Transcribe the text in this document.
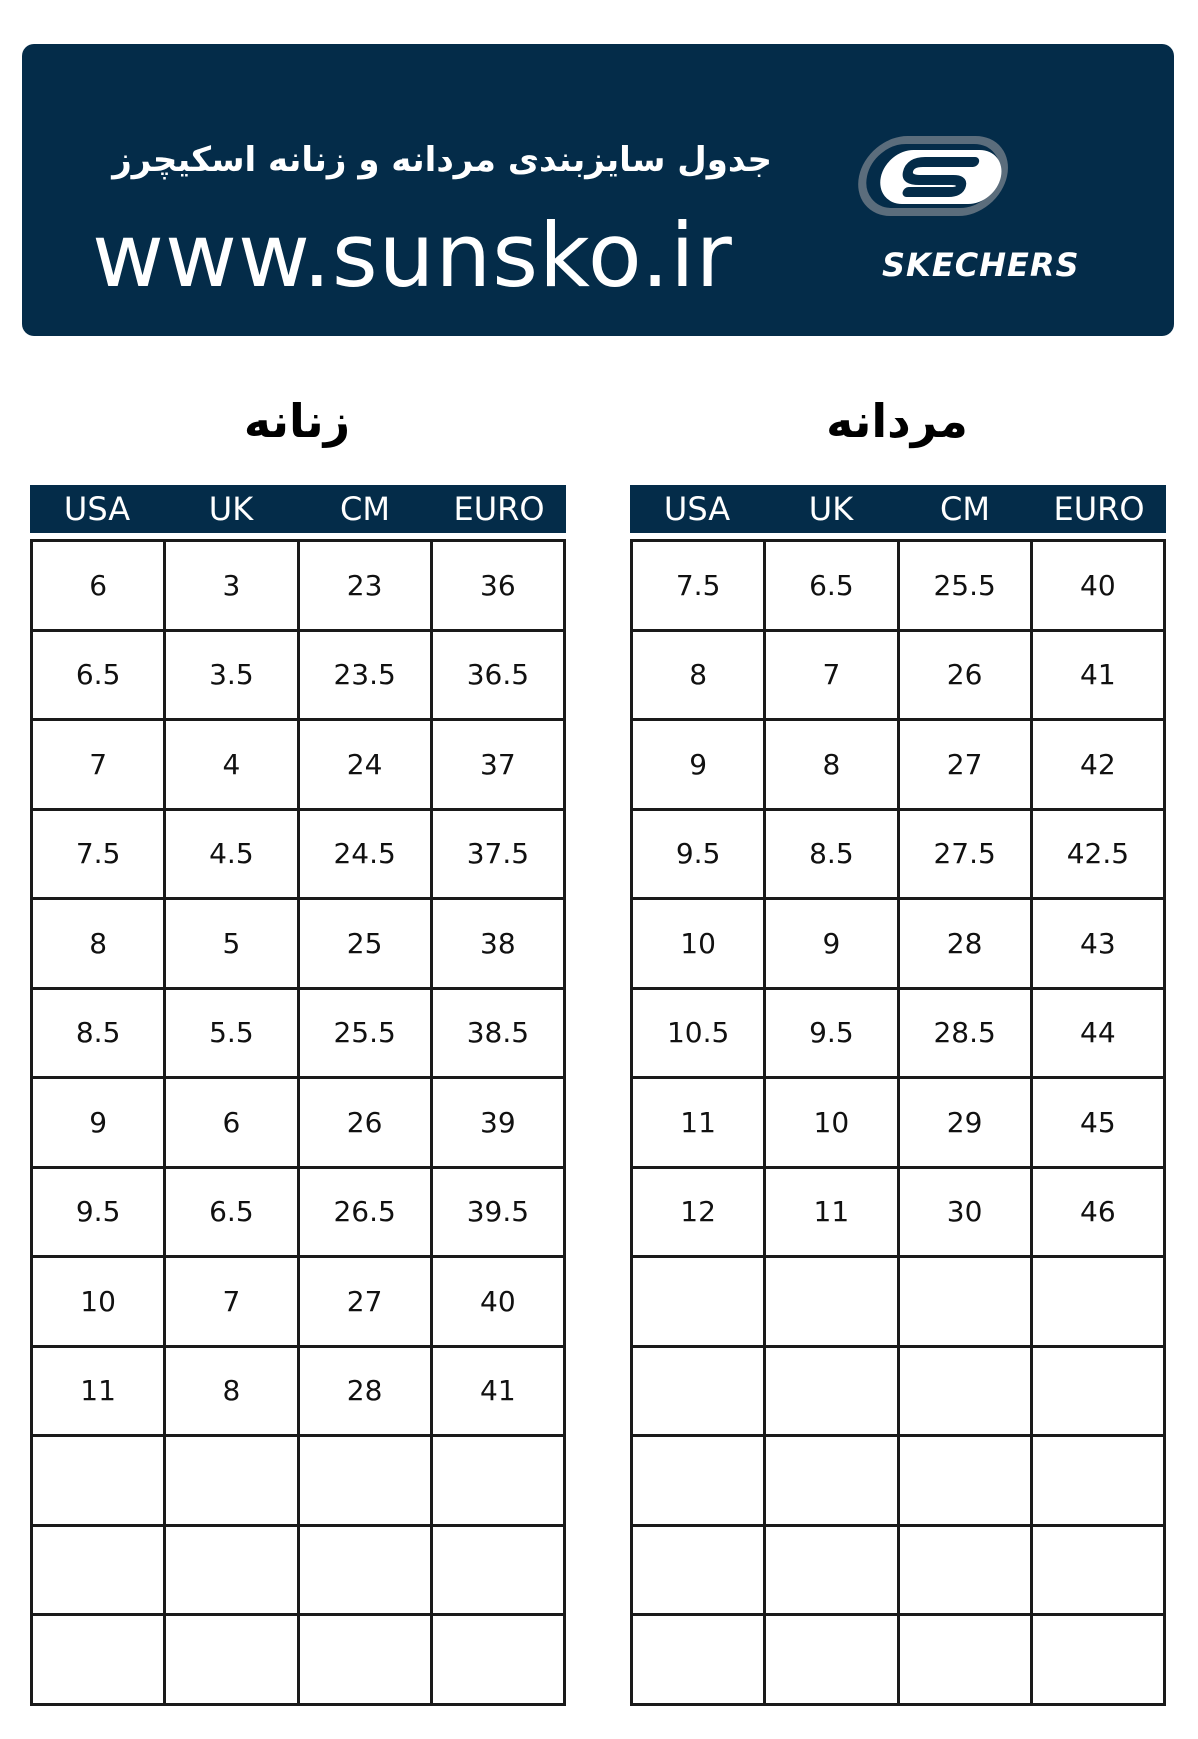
جدول سایزبندی مردانه و زنانه اسکیچرز
www.sunsko.ir	SKECHERS
زنانه	مردانه
USA	UK	CM	EURO
6	3	23	36
6.5	3.5	23.5	36.5
7	4	24	37
7.5	4.5	24.5	37.5
8	5	25	38
8.5	5.5	25.5	38.5
9	6	26	39
9.5	6.5	26.5	39.5
10	7	27	40
11	8	28	41
USA	UK	CM	EURO
7.5	6.5	25.5	40
8	7	26	41
9	8	27	42
9.5	8.5	27.5	42.5
10	9	28	43
10.5	9.5	28.5	44
11	10	29	45
12	11	30	46
